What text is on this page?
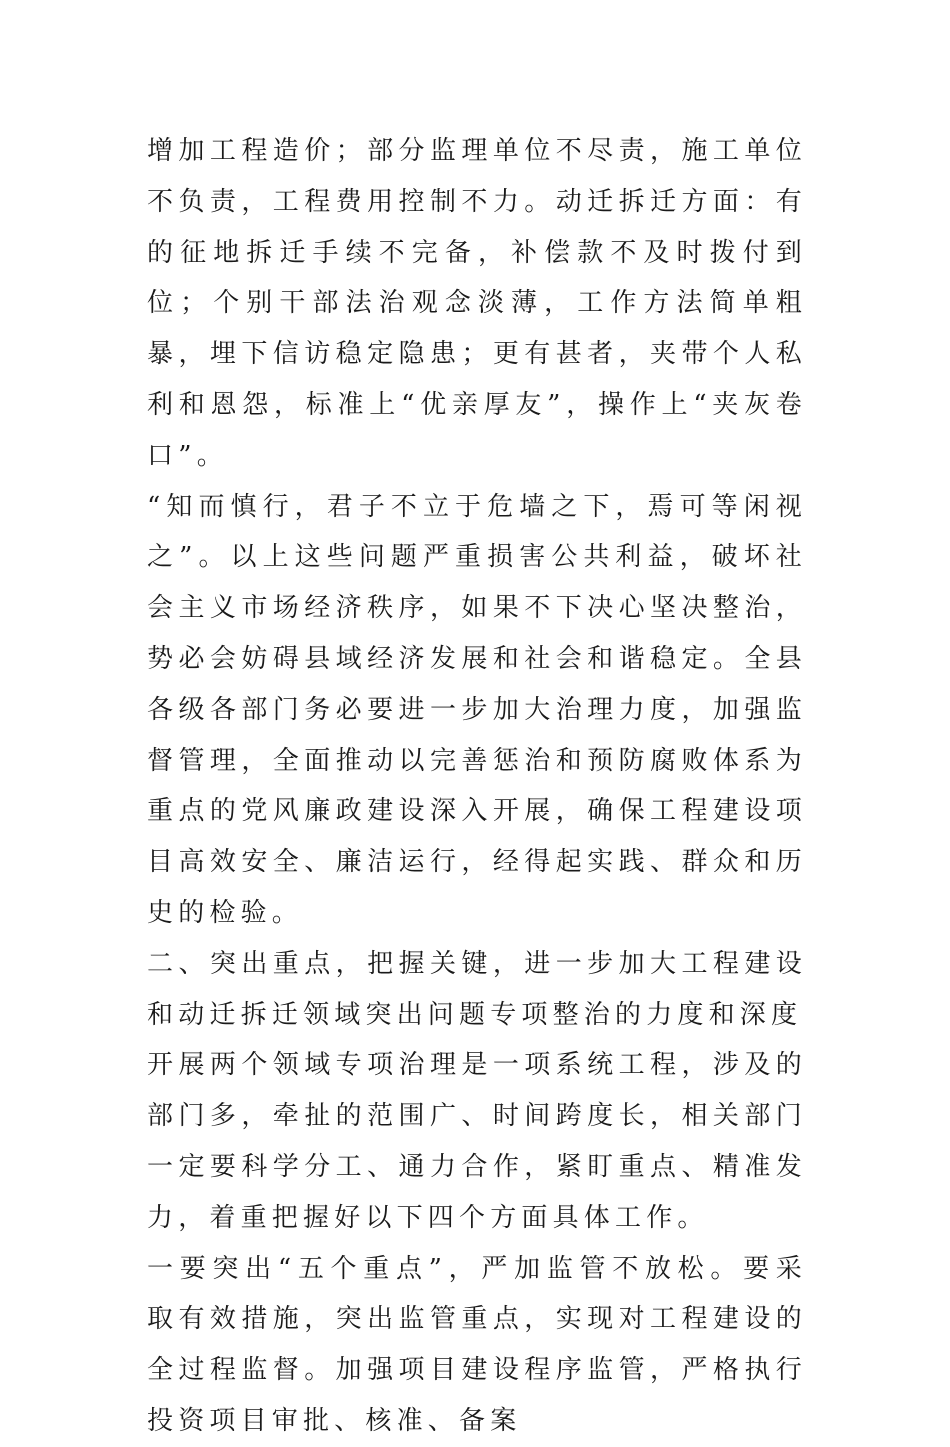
增加工程造价；部分监理单位不尽责，施工单位不负责，工程费用控制不力。动迁拆迁方面：有的征地拆迁手续不完备，补偿款不及时拨付到位；个别干部法治观念淡薄，工作方法简单粗暴，埋下信访稳定隐患；更有甚者，夹带个人私利和恩怨，标准上“优亲厚友”，操作上“夹灰卷口”。

“知而慎行，君子不立于危墙之下，焉可等闲视之”。以上这些问题严重损害公共利益，破坏社会主义市场经济秩序，如果不下决心坚决整治，势必会妨碍县域经济发展和社会和谐稳定。全县各级各部门务必要进一步加大治理力度，加强监督管理，全面推动以完善惩治和预防腐败体系为重点的党风廉政建设深入开展，确保工程建设项目高效安全、廉洁运行，经得起实践、群众和历史的检验。

二、突出重点，把握关键，进一步加大工程建设和动迁拆迁领域突出问题专项整治的力度和深度

开展两个领域专项治理是一项系统工程，涉及的部门多，牵扯的范围广、时间跨度长，相关部门一定要科学分工、通力合作，紧盯重点、精准发力，着重把握好以下四个方面具体工作。

一要突出“五个重点”，严加监管不放松。要采取有效措施，突出监管重点，实现对工程建设的全过程监督。加强项目建设程序监管，严格执行投资项目审批、核准、备案
